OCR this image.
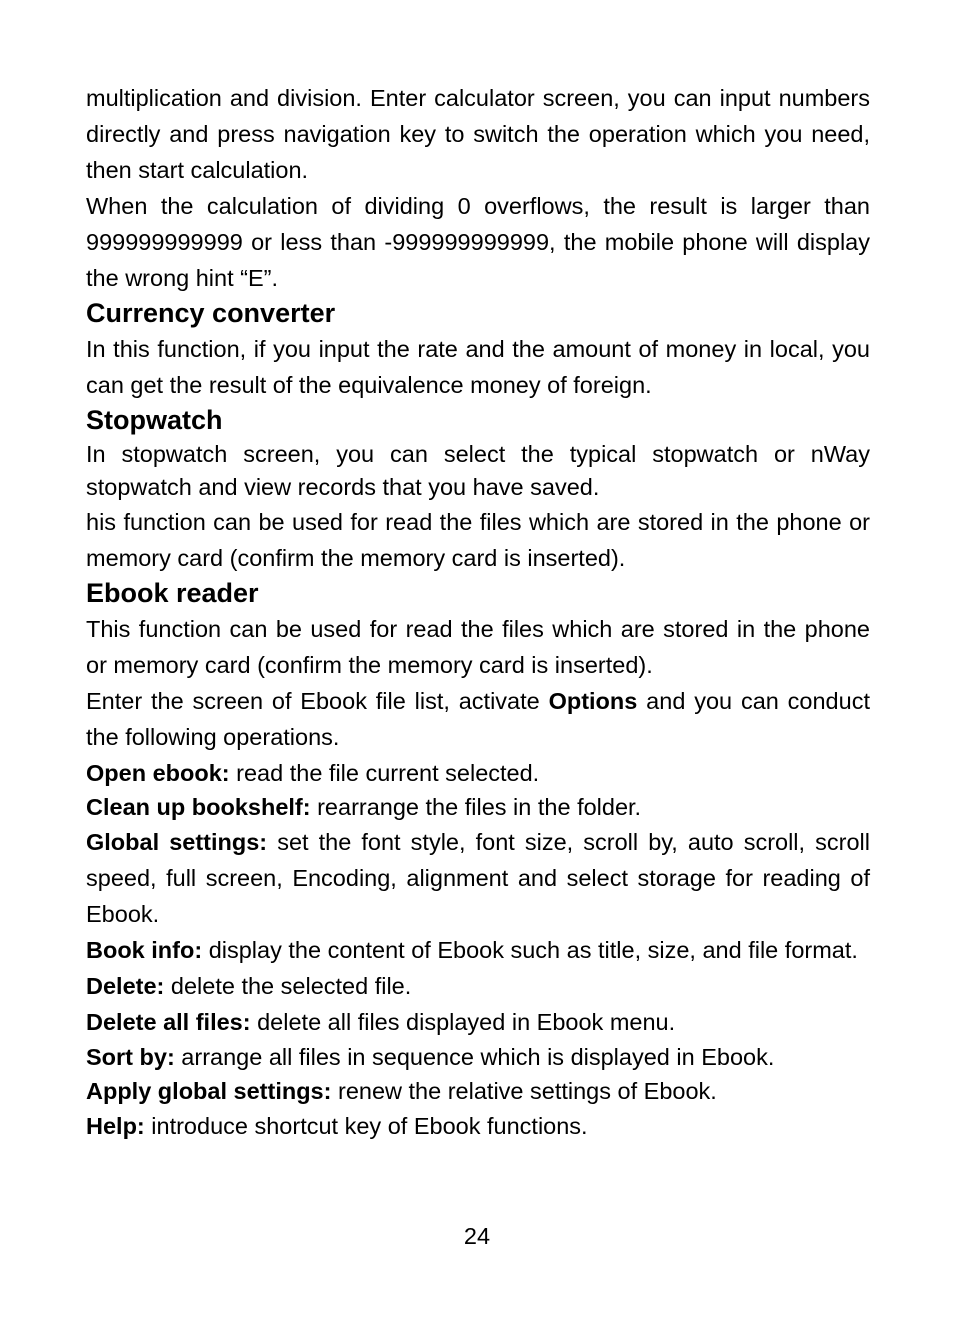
multiplication and division. Enter calculator screen, you can input numbers directly and press navigation key to switch the operation which you need, then start calculation.

When the calculation of dividing 0 overflows, the result is larger than 999999999999 or less than -999999999999, the mobile phone will display the wrong hint “E”.

Currency converter

In this function, if you input the rate and the amount of money in local, you can get the result of the equivalence money of foreign.

Stopwatch

In stopwatch screen, you can select the typical stopwatch or nWay stopwatch and view records that you have saved.

his function can be used for read the files which are stored in the phone or memory card (confirm the memory card is inserted).

Ebook reader

This function can be used for read the files which are stored in the phone or memory card (confirm the memory card is inserted).

Enter the screen of Ebook file list, activate Options and you can conduct the following operations.

Open ebook: read the file current selected.

Clean up bookshelf: rearrange the files in the folder.

Global settings: set the font style, font size, scroll by, auto scroll, scroll speed, full screen, Encoding, alignment and select storage for reading of Ebook.

Book info: display the content of Ebook such as title, size, and file format.

Delete: delete the selected file.

Delete all files: delete all files displayed in Ebook menu.

Sort by: arrange all files in sequence which is displayed in Ebook.

Apply global settings: renew the relative settings of Ebook.

Help: introduce shortcut key of Ebook functions.

24
